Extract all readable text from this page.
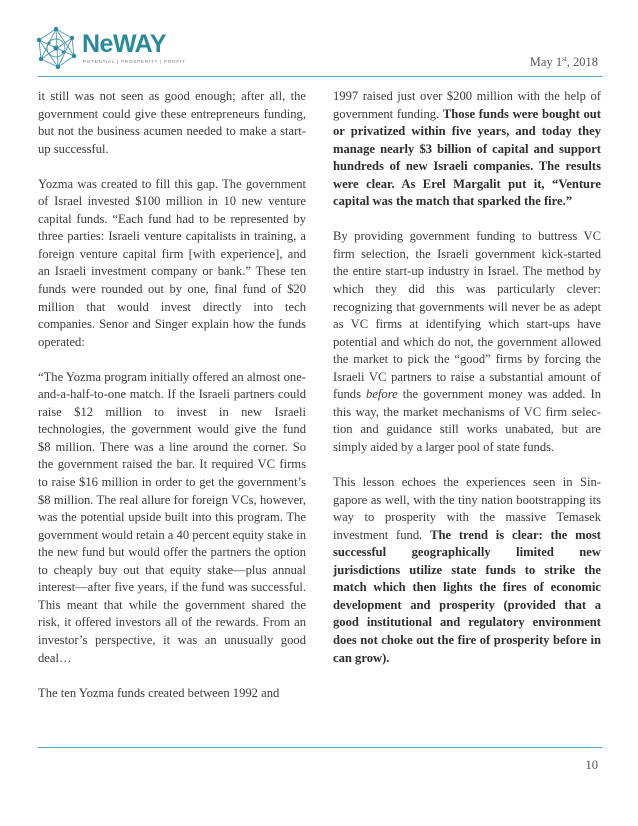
NeWAY
POTENTIAL | PROSPERITY | PROFIT	May 1st, 2018

it still was not seen as good enough; after all, the government could give these entrepreneurs funding, but not the business acumen needed to make a start-up successful.

Yozma was created to fill this gap. The government of Israel invested $100 million in 10 new venture capital funds. “Each fund had to be represented by three parties: Israeli venture capitalists in training, a foreign venture capital firm [with experience], and an Israeli investment company or bank.” These ten funds were rounded out by one, final fund of $20 million that would invest directly into tech companies. Senor and Singer explain how the funds operated:

“The Yozma program initially offered an almost one-and-a-half-to-one match. If the Israeli partners could raise $12 million to invest in new Israeli technologies, the government would give the fund $8 million. There was a line around the corner. So the government raised the bar. It required VC firms to raise $16 million in order to get the government’s $8 million. The real allure for foreign VCs, however, was the potential upside built into this program. The government would retain a 40 percent equity stake in the new fund but would offer the partners the option to cheaply buy out that equity stake—plus annual interest—after five years, if the fund was successful. This meant that while the government shared the risk, it offered investors all of the rewards. From an investor’s perspective, it was an unusually good deal…

The ten Yozma funds created between 1992 and

1997 raised just over $200 million with the help of government funding. Those funds were bought out or privatized within five years, and today they manage nearly $3 billion of capital and support hundreds of new Israeli companies. The results were clear. As Erel Margalit put it, “Venture capital was the match that sparked the fire.”

By providing government funding to buttress VC firm selection, the Israeli government kick-started the entire start-up industry in Israel. The method by which they did this was particularly clever: recognizing that governments will never be as adept as VC firms at identifying which start-ups have potential and which do not, the government allowed the market to pick the “good” firms by forcing the Israeli VC partners to raise a substantial amount of funds before the government money was added. In this way, the market mechanisms of VC firm selection and guidance still works unabated, but are simply aided by a larger pool of state funds.

This lesson echoes the experiences seen in Singapore as well, with the tiny nation bootstrapping its way to prosperity with the massive Temasek investment fund. The trend is clear: the most successful geographically limited new jurisdictions utilize state funds to strike the match which then lights the fires of economic development and prosperity (provided that a good institutional and regulatory environment does not choke out the fire of prosperity before in can grow).

10
